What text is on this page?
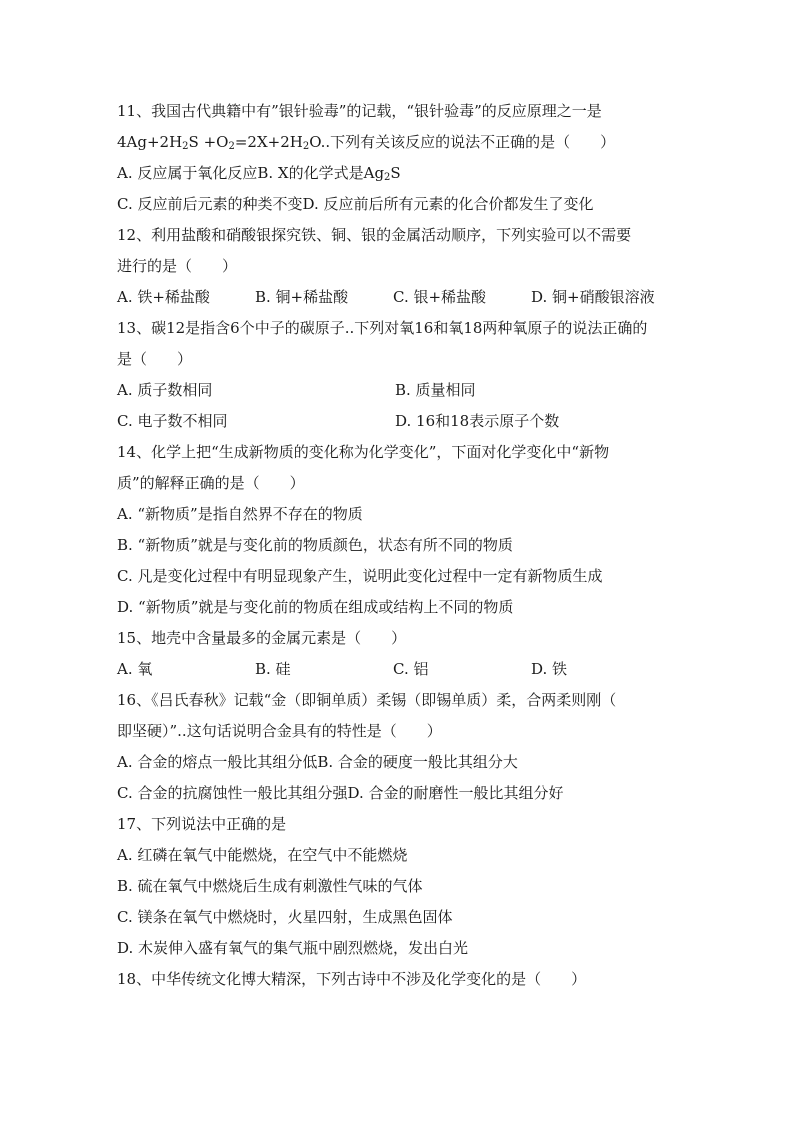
11、我国古代典籍中有”银针验毒”的记载，“银针验毒”的反应原理之一是
$4Ag+2H_2S +O_2=2X+2H_2O$..下列有关该反应的说法不正确的是（　　）
A. 反应属于氧化反应B. X的化学式是$Ag_2S$
C. 反应前后元素的种类不变D. 反应前后所有元素的化合价都发生了变化
12、利用盐酸和硝酸银探究铁、铜、银的金属活动顺序，下列实验可以不需要
进行的是（　　）
A. 铁+稀盐酸	B. 铜+稀盐酸	C. 银+稀盐酸	D. 铜+硝酸银溶液
13、碳12是指含6个中子的碳原子..下列对氧16和氧18两种氧原子的说法正确的
是（　　）
A. 质子数相同	B. 质量相同
C. 电子数不相同	D. 16和18表示原子个数
14、化学上把“生成新物质的变化称为化学变化”，下面对化学变化中“新物
质”的解释正确的是（　　）
A. “新物质”是指自然界不存在的物质
B. “新物质”就是与变化前的物质颜色，状态有所不同的物质
C. 凡是变化过程中有明显现象产生，说明此变化过程中一定有新物质生成
D. “新物质”就是与变化前的物质在组成或结构上不同的物质
15、地壳中含量最多的金属元素是（　　）
A. 氧	B. 硅	C. 铝	D. 铁
16、《吕氏春秋》记载“金（即铜单质）柔锡（即锡单质）柔，合两柔则刚（
即坚硬）”..这句话说明合金具有的特性是（　　）
A. 合金的熔点一般比其组分低B. 合金的硬度一般比其组分大
C. 合金的抗腐蚀性一般比其组分强D. 合金的耐磨性一般比其组分好
17、下列说法中正确的是
A. 红磷在氧气中能燃烧，在空气中不能燃烧
B. 硫在氧气中燃烧后生成有刺激性气味的气体
C. 镁条在氧气中燃烧时，火星四射，生成黑色固体
D. 木炭伸入盛有氧气的集气瓶中剧烈燃烧，发出白光
18、中华传统文化博大精深，下列古诗中不涉及化学变化的是（　　）
